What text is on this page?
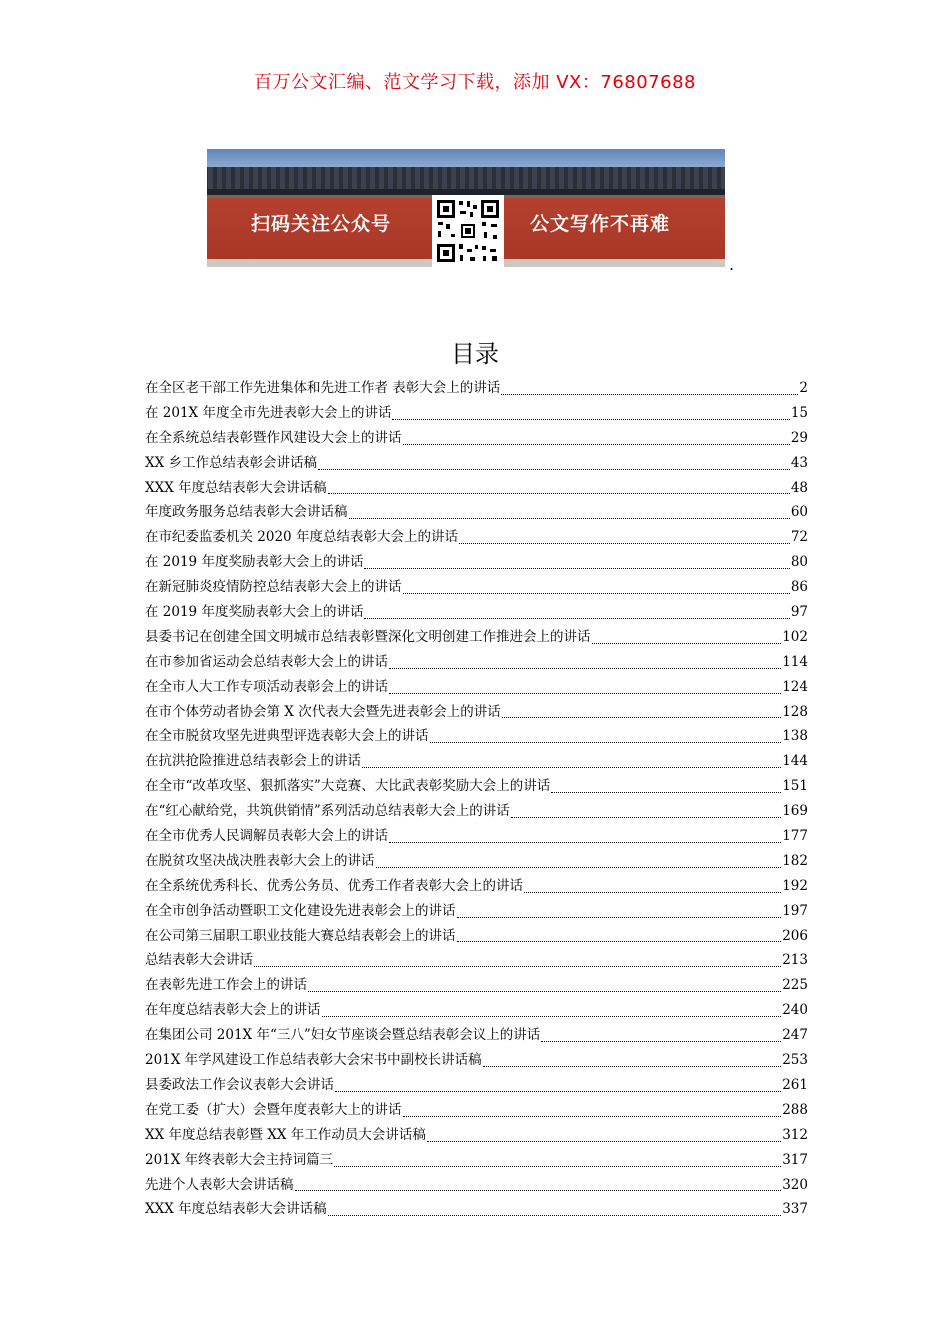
百万公文汇编、范文学习下载，添加 VX：76807688
扫码关注公众号	公文写作不再难
.
目录
在全区老干部工作先进集体和先进工作者 表彰大会上的讲话	2
在 201X 年度全市先进表彰大会上的讲话	15
在全系统总结表彰暨作风建设大会上的讲话	29
XX 乡工作总结表彰会讲话稿	43
XXX 年度总结表彰大会讲话稿	48
年度政务服务总结表彰大会讲话稿	60
在市纪委监委机关 2020 年度总结表彰大会上的讲话	72
在 2019 年度奖励表彰大会上的讲话	80
在新冠肺炎疫情防控总结表彰大会上的讲话	86
在 2019 年度奖励表彰大会上的讲话	97
县委书记在创建全国文明城市总结表彰暨深化文明创建工作推进会上的讲话	102
在市参加省运动会总结表彰大会上的讲话	114
在全市人大工作专项活动表彰会上的讲话	124
在市个体劳动者协会第 X 次代表大会暨先进表彰会上的讲话	128
在全市脱贫攻坚先进典型评选表彰大会上的讲话	138
在抗洪抢险推进总结表彰会上的讲话	144
在全市“改革攻坚、狠抓落实”大竞赛、大比武表彰奖励大会上的讲话	151
在“红心献给党，共筑供销情”系列活动总结表彰大会上的讲话	169
在全市优秀人民调解员表彰大会上的讲话	177
在脱贫攻坚决战决胜表彰大会上的讲话	182
在全系统优秀科长、优秀公务员、优秀工作者表彰大会上的讲话	192
在全市创争活动暨职工文化建设先进表彰会上的讲话	197
在公司第三届职工职业技能大赛总结表彰会上的讲话	206
总结表彰大会讲话	213
在表彰先进工作会上的讲话	225
在年度总结表彰大会上的讲话	240
在集团公司 201X 年“三八”妇女节座谈会暨总结表彰会议上的讲话	247
201X 年学风建设工作总结表彰大会宋书中副校长讲话稿	253
县委政法工作会议表彰大会讲话	261
在党工委（扩大）会暨年度表彰大上的讲话	288
XX 年度总结表彰暨 XX 年工作动员大会讲话稿	312
201X 年终表彰大会主持词篇三	317
先进个人表彰大会讲话稿	320
XXX 年度总结表彰大会讲话稿	337
